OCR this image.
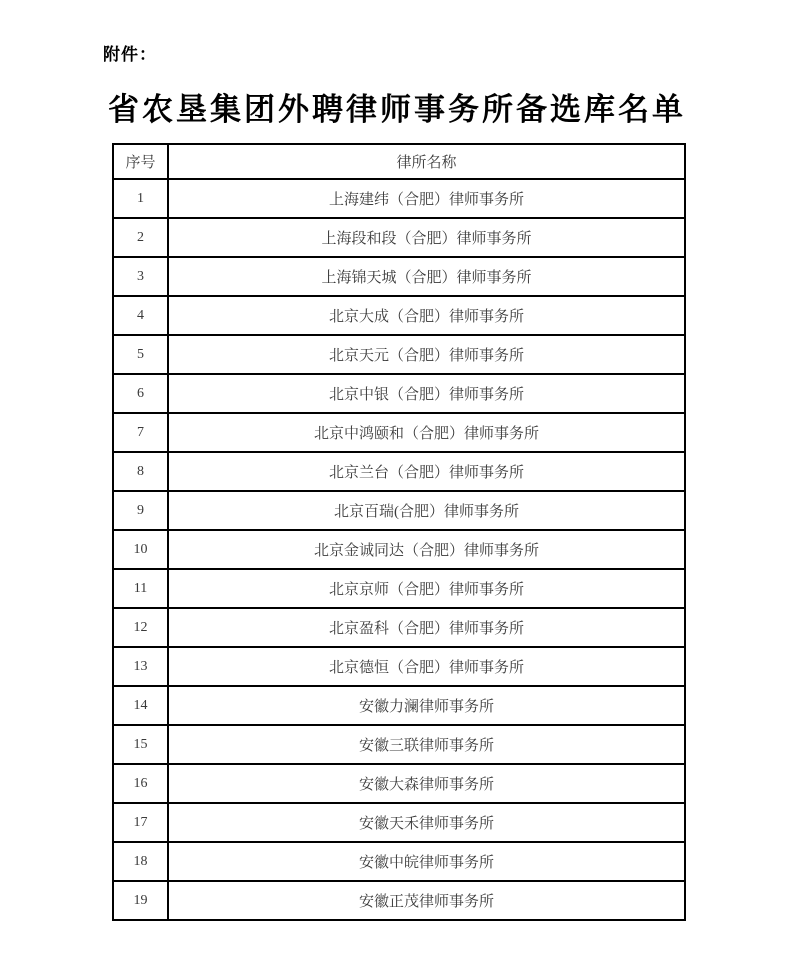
附件：
省农垦集团外聘律师事务所备选库名单
序号	律所名称
1	上海建纬（合肥）律师事务所
2	上海段和段（合肥）律师事务所
3	上海锦天城（合肥）律师事务所
4	北京大成（合肥）律师事务所
5	北京天元（合肥）律师事务所
6	北京中银（合肥）律师事务所
7	北京中鸿颐和（合肥）律师事务所
8	北京兰台（合肥）律师事务所
9	北京百瑞(合肥）律师事务所
10	北京金诚同达（合肥）律师事务所
11	北京京师（合肥）律师事务所
12	北京盈科（合肥）律师事务所
13	北京德恒（合肥）律师事务所
14	安徽力澜律师事务所
15	安徽三联律师事务所
16	安徽大森律师事务所
17	安徽天禾律师事务所
18	安徽中皖律师事务所
19	安徽正茂律师事务所
